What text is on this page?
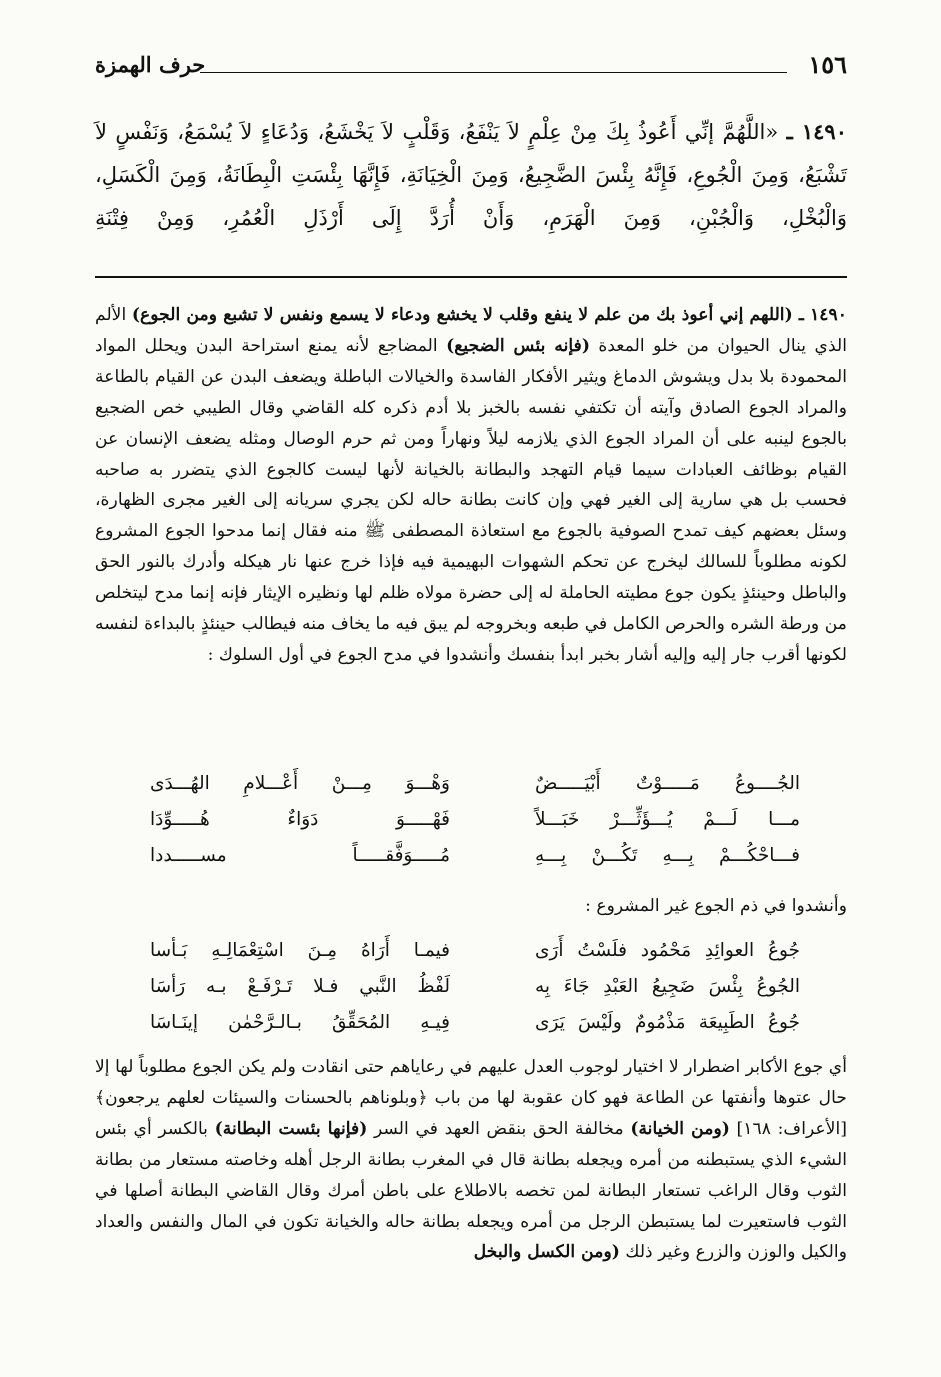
١٥٦
حرف الهمزة

١٤٩٠ ـ «اللَّهُمَّ إنِّي أَعُوذُ بِكَ مِنْ عِلْمٍ لاَ يَنْفَعُ، وَقَلْبٍ لاَ يَخْشَعُ، وَدُعَاءٍ لاَ يُسْمَعُ، وَنَفْسٍ لاَ تَشْبَعُ، وَمِنَ الْجُوعِ، فَإِنَّهُ بِئْسَ الضَّجِيعُ، وَمِنَ الْخِيَانَةِ، فَإِنَّهَا بِئْسَتِ الْبِطَانَةُ، وَمِنَ الْكَسَلِ، وَالْبُخْلِ، وَالْجُبْنِ، وَمِنَ الْهَرَمِ، وَأَنْ أُرَدَّ إِلَى أَرْذَلِ الْعُمُرِ، وَمِنْ فِتْنَةِ

١٤٩٠ ـ (اللهم إني أعوذ بك من علم لا ينفع وقلب لا يخشع ودعاء لا يسمع ونفس لا تشبع ومن الجوع) الألم الذي ينال الحيوان من خلو المعدة (فإنه بئس الضجيع) المضاجع لأنه يمنع استراحة البدن ويحلل المواد المحمودة بلا بدل ويشوش الدماغ ويثير الأفكار الفاسدة والخيالات الباطلة ويضعف البدن عن القيام بالطاعة والمراد الجوع الصادق وآيته أن تكتفي نفسه بالخبز بلا أدم ذكره كله القاضي وقال الطيبي خص الضجيع بالجوع لينبه على أن المراد الجوع الذي يلازمه ليلاً ونهاراً ومن ثم حرم الوصال ومثله يضعف الإنسان عن القيام بوظائف العبادات سيما قيام التهجد والبطانة بالخيانة لأنها ليست كالجوع الذي يتضرر به صاحبه فحسب بل هي سارية إلى الغير فهي وإن كانت بطانة حاله لكن يجري سريانه إلى الغير مجرى الظهارة، وسئل بعضهم كيف تمدح الصوفية بالجوع مع استعاذة المصطفى ﷺ منه فقال إنما مدحوا الجوع المشروع لكونه مطلوباً للسالك ليخرج عن تحكم الشهوات البهيمية فيه فإذا خرج عنها نار هيكله وأدرك بالنور الحق والباطل وحينئذٍ يكون جوع مطيته الحاملة له إلى حضرة مولاه ظلم لها ونظيره الإيثار فإنه إنما مدح ليتخلص من ورطة الشره والحرص الكامل في طبعه وبخروجه لم يبق فيه ما يخاف منه فيطالب حينئذٍ بالبداءة لنفسه لكونها أقرب جار إليه وإليه أشار بخبر ابدأ بنفسك وأنشدوا في مدح الجوع في أول السلوك :

الجُــــوعُ مَـــــوْتٌ أَبْيَـــــضٌ
وَهْـــوَ مِـــنْ أَعْـــلامِ الهُـــدَى
مـــا لَـــمْ يُـــؤَثِّـــرْ خَبَـــلاً
فَهْـــــوَ دَوَاءٌ هُـــــوِّدَا
فـــاحْكُـــمْ بِـــهِ تَكُـــنْ بِـــهِ
مُـــــوَفَّقـــــاً مســـــددا
وأنشدوا في ذم الجوع غير المشروع :
جُوعُ العوائِدِ مَحْمُود فلَسْتُ أَرَى
فيمـا أَرَاهُ مِـنَ اسْتِعْمَالِـهِ بَـأسا
الجُوعُ بِئْسَ ضَجِيعُ العَبْدِ جَاءَ بِه
لَفْظُ النَّبي فـلا تَـرْفَـعْ بـه رَأسَا
جُوعُ الطَبِيعَة مَذْمُومٌ ولَيْسَ يَرَى
فِيـهِ المُحَقِّقُ بـالـرَّحْمٰن إينَـاسَا

أي جوع الأكابر اضطرار لا اختيار لوجوب العدل عليهم في رعاياهم حتى انقادت ولم يكن الجوع مطلوباً لها إلا حال عتوها وأنفتها عن الطاعة فهو كان عقوبة لها من باب ﴿وبلوناهم بالحسنات والسيئات لعلهم يرجعون﴾ [الأعراف: ١٦٨] (ومن الخيانة) مخالفة الحق بنقض العهد في السر (فإنها بئست البطانة) بالكسر أي بئس الشيء الذي يستبطنه من أمره ويجعله بطانة قال في المغرب بطانة الرجل أهله وخاصته مستعار من بطانة الثوب وقال الراغب تستعار البطانة لمن تخصه بالاطلاع على باطن أمرك وقال القاضي البطانة أصلها في الثوب فاستعيرت لما يستبطن الرجل من أمره ويجعله بطانة حاله والخيانة تكون في المال والنفس والعداد والكيل والوزن والزرع وغير ذلك (ومن الكسل والبخل
